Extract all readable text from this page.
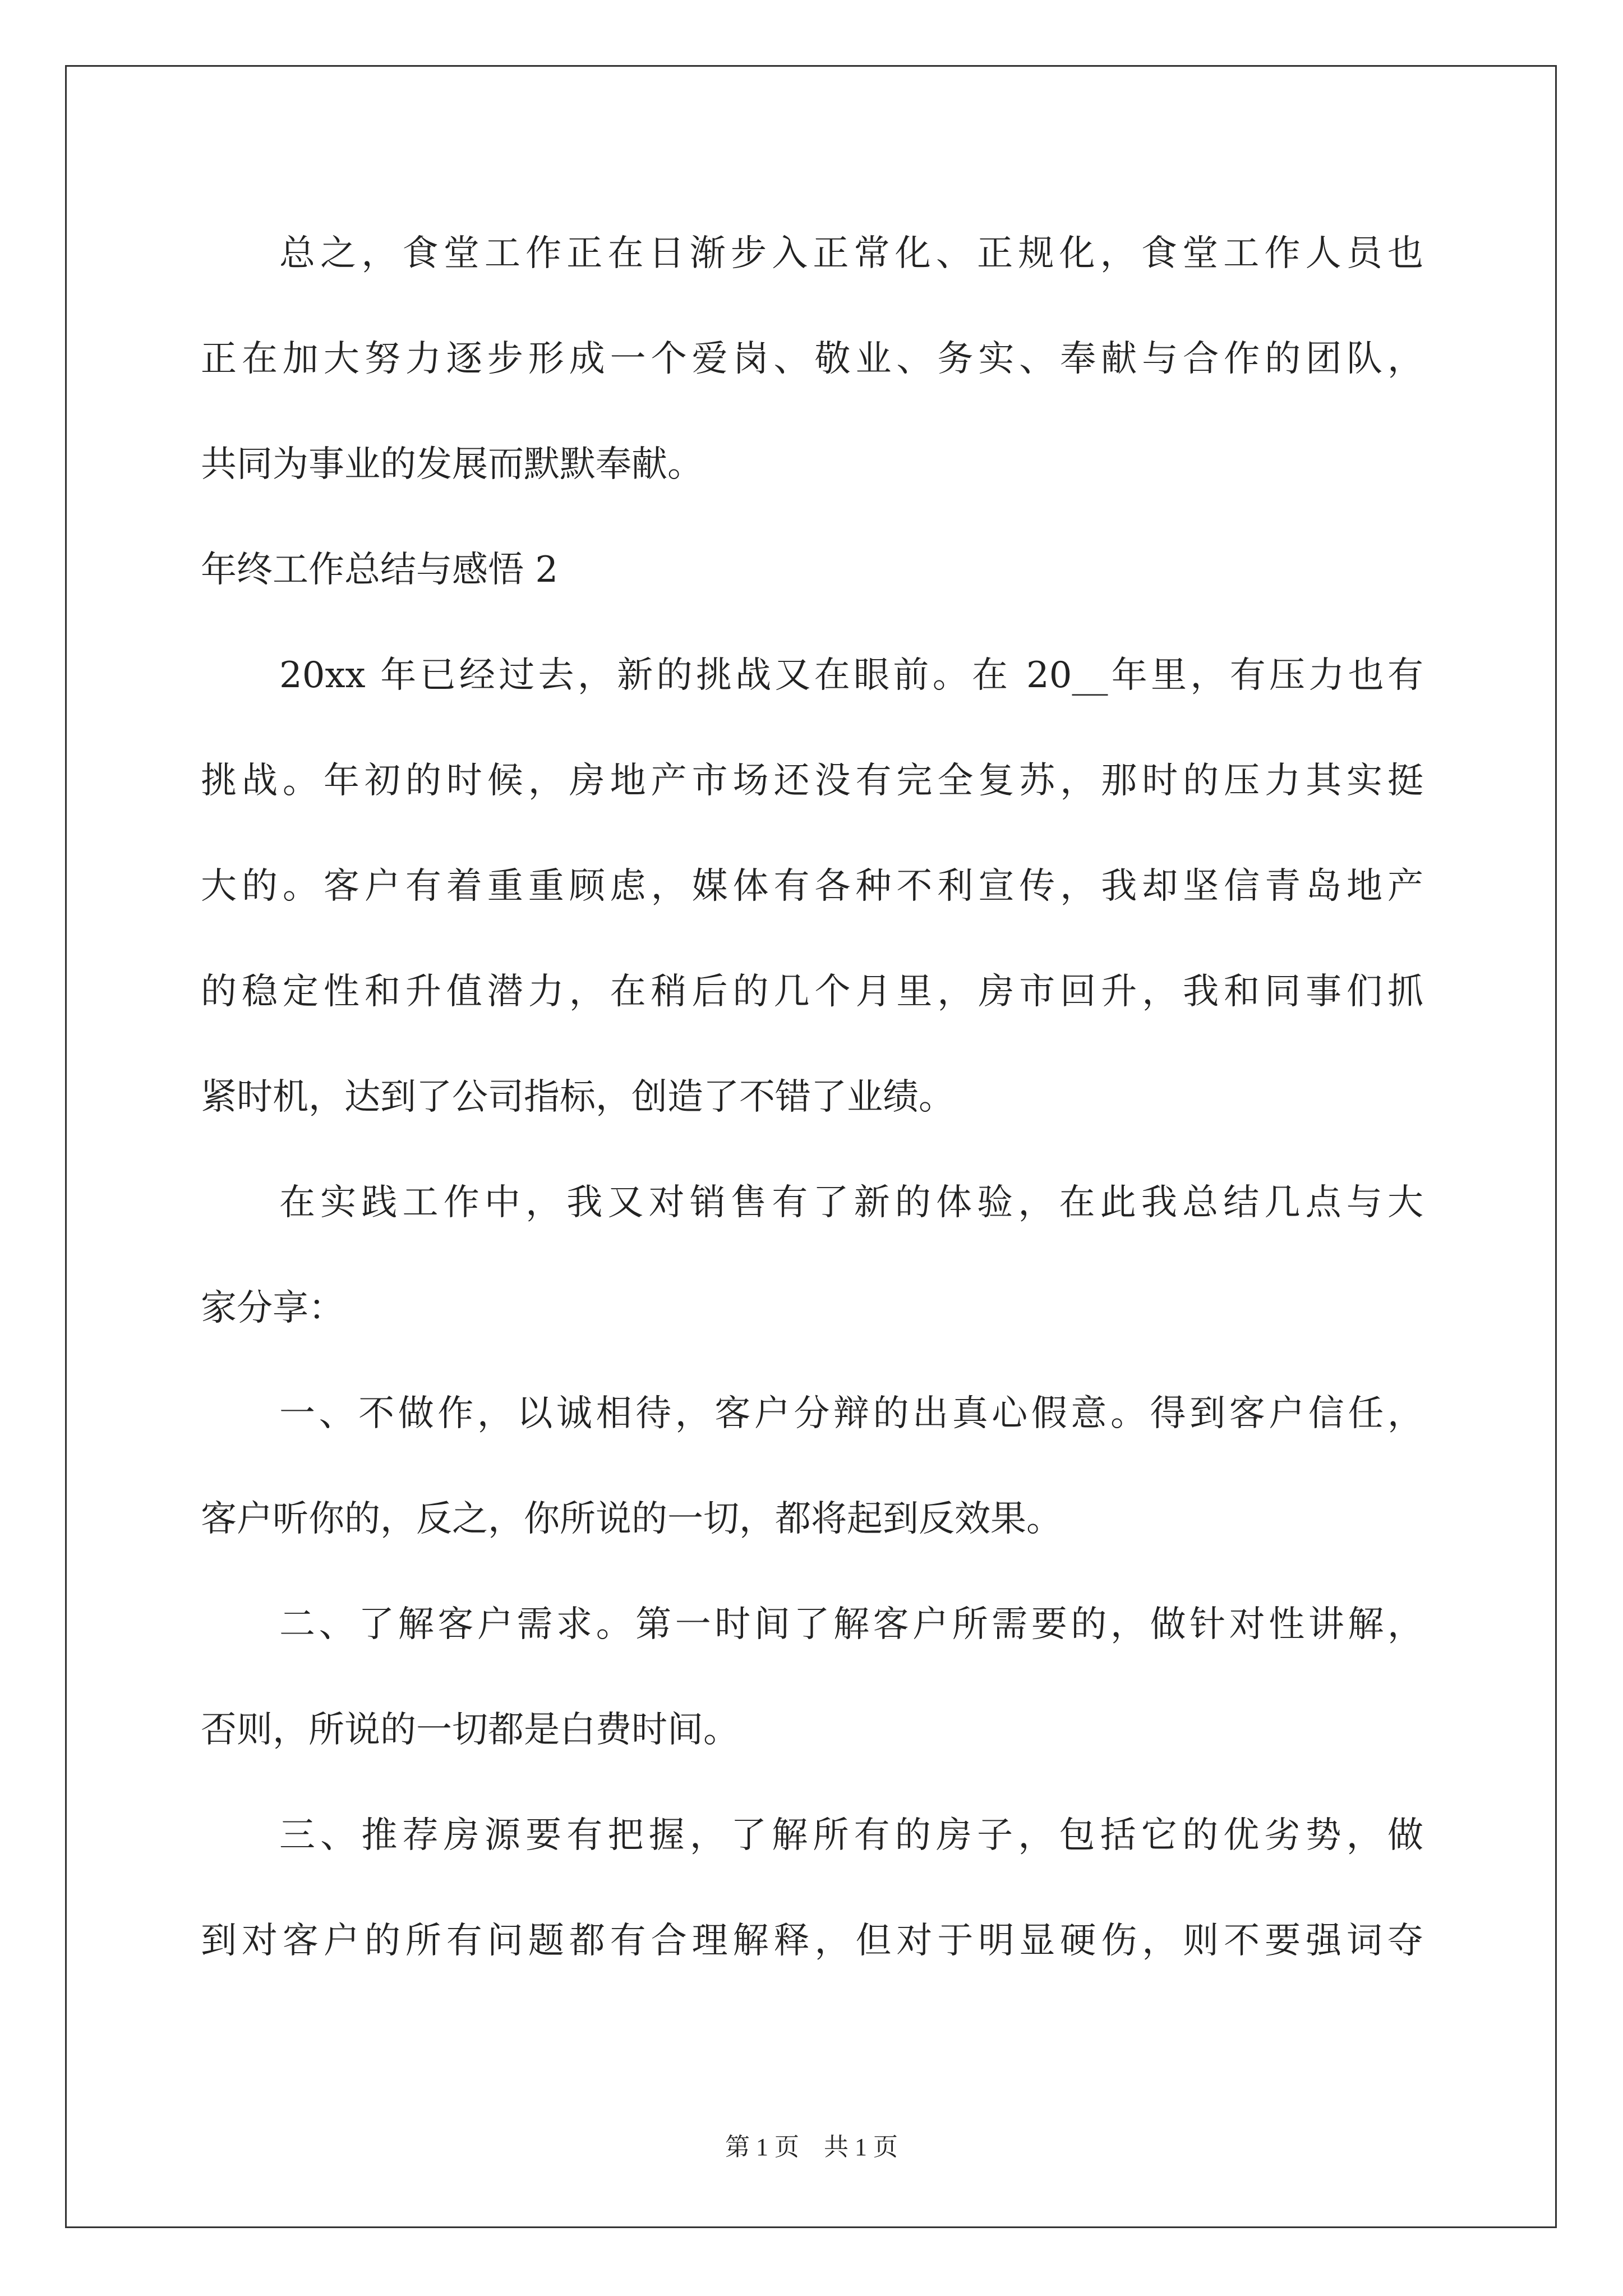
总之，食堂工作正在日渐步入正常化、正规化，食堂工作人员也
正在加大努力逐步形成一个爱岗、敬业、务实、奉献与合作的团队，
共同为事业的发展而默默奉献。
年终工作总结与感悟 2
20xx 年已经过去，新的挑战又在眼前。在 20__年里，有压力也有
挑战。年初的时候，房地产市场还没有完全复苏，那时的压力其实挺
大的。客户有着重重顾虑，媒体有各种不利宣传，我却坚信青岛地产
的稳定性和升值潜力，在稍后的几个月里，房市回升，我和同事们抓
紧时机，达到了公司指标，创造了不错了业绩。
在实践工作中，我又对销售有了新的体验，在此我总结几点与大
家分享：
一、不做作，以诚相待，客户分辩的出真心假意。得到客户信任，
客户听你的，反之，你所说的一切，都将起到反效果。
二、了解客户需求。第一时间了解客户所需要的，做针对性讲解，
否则，所说的一切都是白费时间。
三、推荐房源要有把握，了解所有的房子，包括它的优劣势，做
到对客户的所有问题都有合理解释，但对于明显硬伤，则不要强词夺
第 1 页　共 1 页
